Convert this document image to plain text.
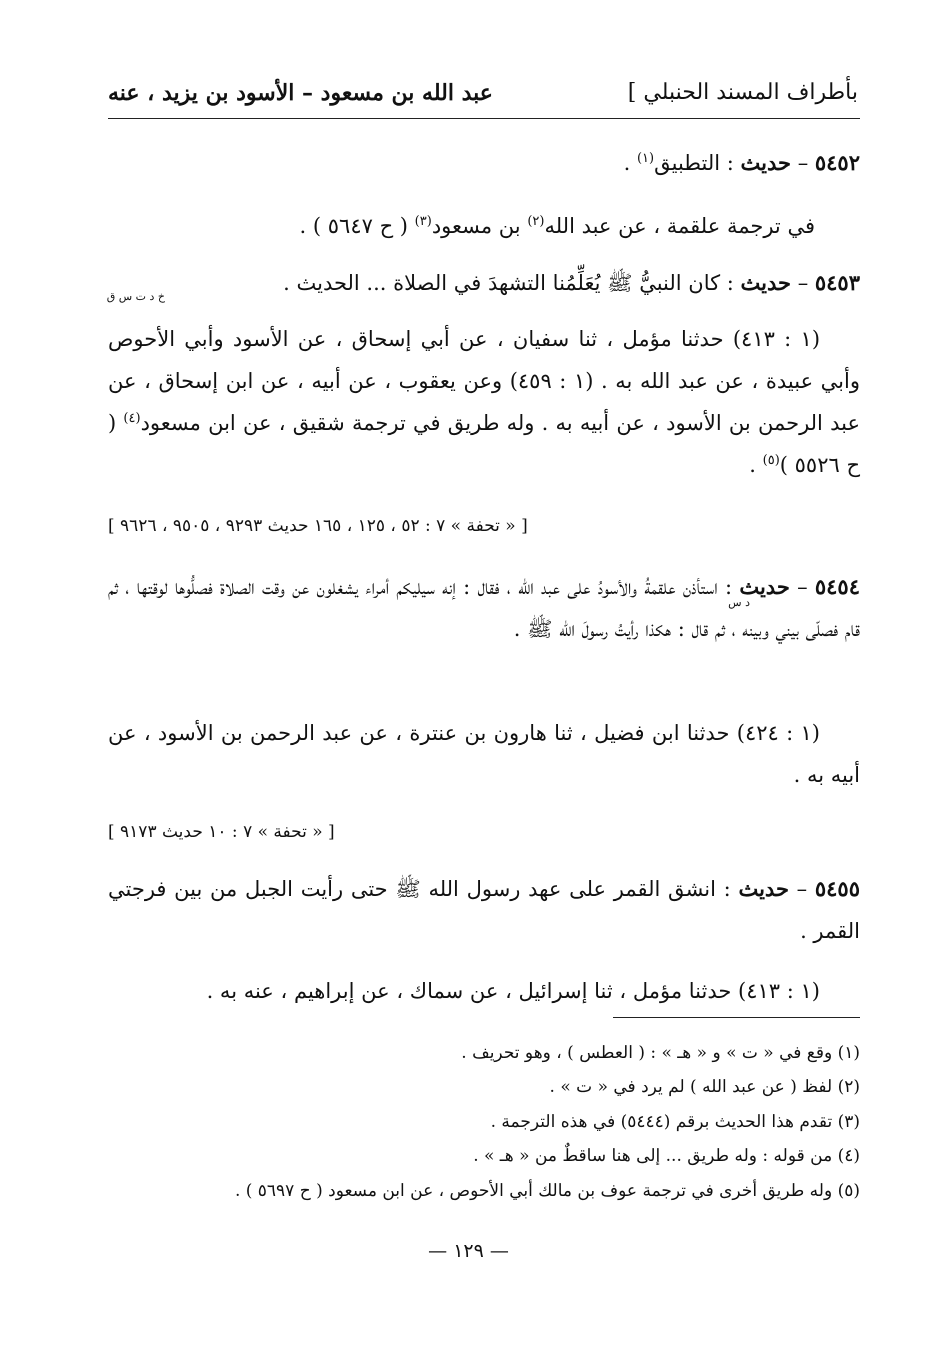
بأطراف المسند الحنبلي ]
عبد الله بن مسعود – الأسود بن يزيد ، عنه
٥٤٥٢ – حديث : التطبيق$^{(١)}$ .
في ترجمة علقمة ، عن عبد الله$^{(٢)}$ بن مسعود$^{(٣)}$ ( ح ٥٦٤٧ ) .
٥٤٥٣ – حديث : كان النبيُّ ﷺ يُعَلِّمُنا التشهدَ في الصلاة ... الحديث .
خ د ت س ق
(١ : ٤١٣) حدثنا مؤمل ، ثنا سفيان ، عن أبي إسحاق ، عن الأسود وأبي الأحوص وأبي عبيدة ، عن عبد الله به . (١ : ٤٥٩) وعن يعقوب ، عن أبيه ، عن ابن إسحاق ، عن عبد الرحمن بن الأسود ، عن أبيه به . وله طريق في ترجمة شقيق ، عن ابن مسعود$^{(٤)}$ ( ح ٥٥٢٦ )$^{(٥)}$ .
[ « تحفة » ٧ : ٥٢ ، ١٢٥ ، ١٦٥ حديث ٩٢٩٣ ، ٩٥٠٥ ، ٩٦٢٦ ]
٥٤٥٤ – حديث : استأذن علقمةُ والأسودُ على عبد الله ، فقال : إنه سيليكم أمراء يشغلون عن وقت الصلاة فصلُّوها لوقتها ، ثم قام فصلّى بيني وبينه ، ثم قال : هكذا رأيتُ رسولَ الله ﷺ .
د س
(١ : ٤٢٤) حدثنا ابن فضيل ، ثنا هارون بن عنترة ، عن عبد الرحمن بن الأسود ، عن أبيه به .
[ « تحفة » ٧ : ١٠ حديث ٩١٧٣ ]
٥٤٥٥ – حديث : انشق القمر على عهد رسول الله ﷺ حتى رأيت الجبل من بين فرجتي القمر .
(١ : ٤١٣) حدثنا مؤمل ، ثنا إسرائيل ، عن سماك ، عن إبراهيم ، عنه به .
(١) وقع في « ت » و « هـ » : ( العطس ) ، وهو تحريف .
(٢) لفظ ( عن عبد الله ) لم يرد في « ت » .
(٣) تقدم هذا الحديث برقم (٥٤٤٤) في هذه الترجمة .
(٤) من قوله : وله طريق ... إلى هنا ساقطٌ من « هـ » .
(٥) وله طريق أخرى في ترجمة عوف بن مالك أبي الأحوص ، عن ابن مسعود ( ح ٥٦٩٧ ) .
— ١٢٩ —
